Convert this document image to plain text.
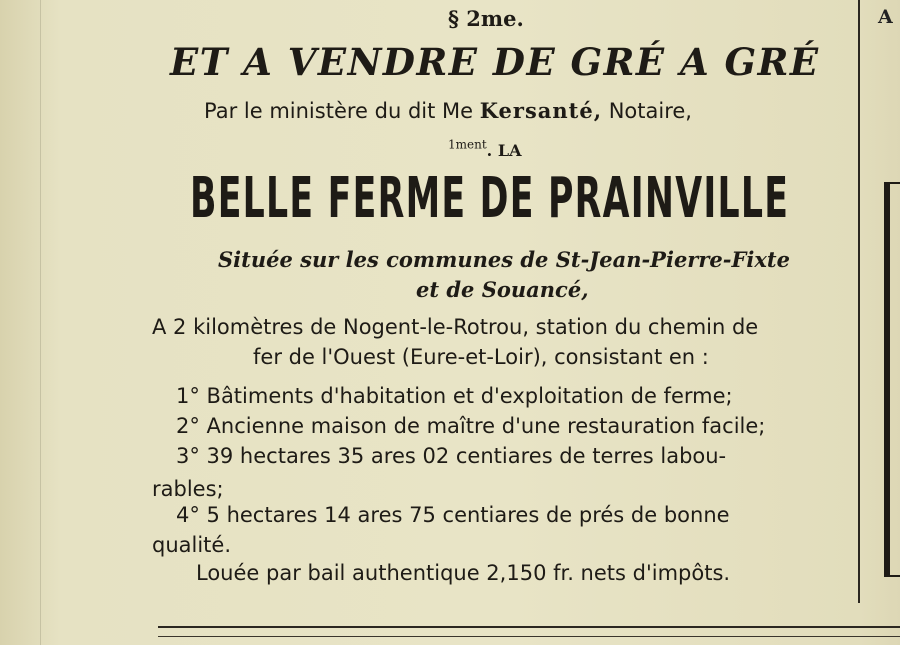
A
§ 2me.
ET A VENDRE DE GRÉ A GRÉ
Par le ministère du dit Me Kersanté, Notaire,
$^{1ment}$. LA
BELLE FERME DE PRAINVILLE
Située sur les communes de St-Jean-Pierre-Fixte
et de Souancé,
A 2 kilomètres de Nogent-le-Rotrou, station du chemin de
fer de l'Ouest (Eure-et-Loir), consistant en :
1° Bâtiments d'habitation et d'exploitation de ferme;
2° Ancienne maison de maître d'une restauration facile;
3° 39 hectares 35 ares 02 centiares de terres labou-
rables;
4° 5 hectares 14 ares 75 centiares de prés de bonne
qualité.
Louée par bail authentique 2,150 fr. nets d'impôts.
